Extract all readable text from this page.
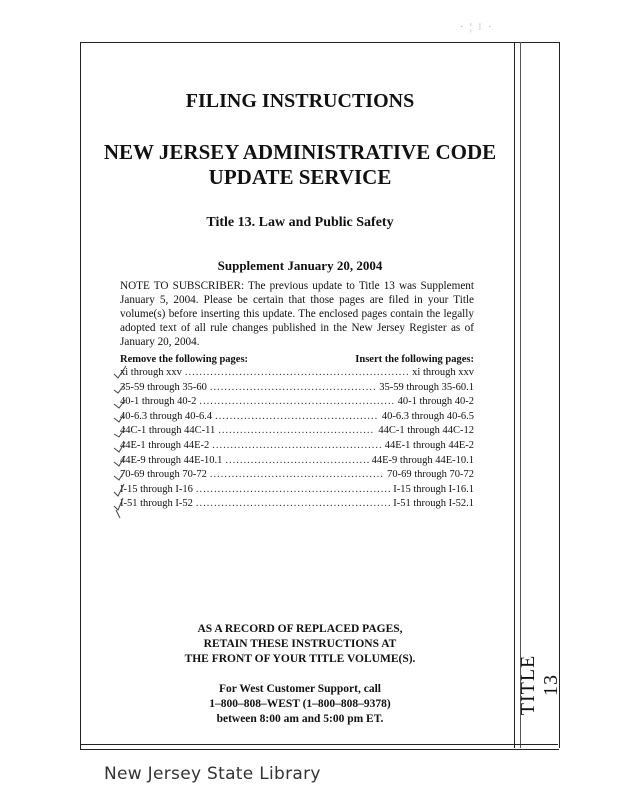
TITLE 13
· ¦ ⁝ ·
FILING INSTRUCTIONS
NEW JERSEY ADMINISTRATIVE CODE
UPDATE SERVICE
Title 13. Law and Public Safety
Supplement January 20, 2004
NOTE TO SUBSCRIBER: The previous update to Title 13 was Supplement January 5, 2004. Please be certain that those pages are filed in your Title volume(s) before inserting this update. The enclosed pages contain the legally adopted text of all rule changes published in the New Jersey Register as of January 20, 2004.
Remove the following pages:	Insert the following pages:
xi through xxv .....	xi through xxv
35-59 through 35-60 .....	35-59 through 35-60.1
40-1 through 40-2 .....	40-1 through 40-2
40-6.3 through 40-6.4 .....	40-6.3 through 40-6.5
44C-1 through 44C-11 .....	44C-1 through 44C-12
44E-1 through 44E-2 .....	44E-1 through 44E-2
44E-9 through 44E-10.1 .....	44E-9 through 44E-10.1
70-69 through 70-72 .....	70-69 through 70-72
I-15 through I-16 .....	I-15 through I-16.1
I-51 through I-52 .....	I-51 through I-52.1
AS A RECORD OF REPLACED PAGES,
RETAIN THESE INSTRUCTIONS AT
THE FRONT OF YOUR TITLE VOLUME(S).
For West Customer Support, call
1–800–808–WEST (1–800–808–9378)
between 8:00 am and 5:00 pm ET.
New Jersey State Library
